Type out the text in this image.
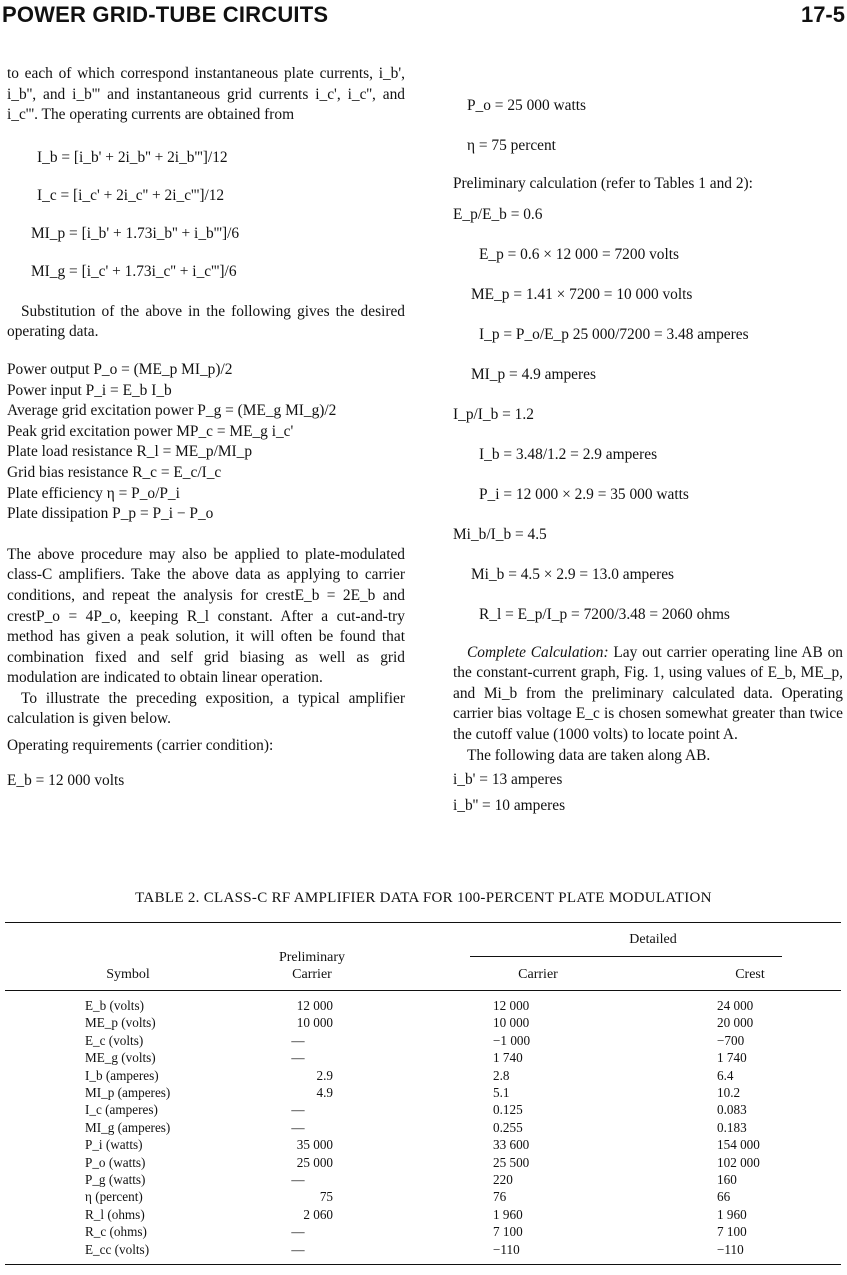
POWER GRID-TUBE CIRCUITS	17-5

to each of which correspond instantaneous plate currents, i_b', i_b'', and i_b''' and instantaneous grid currents i_c', i_c'', and i_c'''. The operating currents are obtained from

I_b = [i_b' + 2i_b'' + 2i_b''']/12
I_c = [i_c' + 2i_c'' + 2i_c''']/12
MI_p = [i_b' + 1.73i_b'' + i_b''']/6
MI_g = [i_c' + 1.73i_c'' + i_c''']/6

Substitution of the above in the following gives the desired operating data.

Power output P_o = (ME_p MI_p)/2
Power input P_i = E_b I_b
Average grid excitation power P_g = (ME_g MI_g)/2
Peak grid excitation power MP_c = ME_g i_c'
Plate load resistance R_l = ME_p/MI_p
Grid bias resistance R_c = E_c/I_c
Plate efficiency η = P_o/P_i
Plate dissipation P_p = P_i − P_o

The above procedure may also be applied to plate-modulated class-C amplifiers. Take the above data as applying to carrier conditions, and repeat the analysis for crestE_b = 2E_b and crestP_o = 4P_o, keeping R_l constant. After a cut-and-try method has given a peak solution, it will often be found that combination fixed and self grid biasing as well as grid modulation are indicated to obtain linear operation.

To illustrate the preceding exposition, a typical amplifier calculation is given below.

Operating requirements (carrier condition):

E_b = 12 000 volts

P_o = 25 000 watts
η = 75 percent

Preliminary calculation (refer to Tables 1 and 2):

E_p/E_b = 0.6
E_p = 0.6 × 12 000 = 7200 volts
ME_p = 1.41 × 7200 = 10 000 volts
I_p = P_o/E_p 25 000/7200 = 3.48 amperes
MI_p = 4.9 amperes
I_p/I_b = 1.2
I_b = 3.48/1.2 = 2.9 amperes
P_i = 12 000 × 2.9 = 35 000 watts
Mi_b/I_b = 4.5
Mi_b = 4.5 × 2.9 = 13.0 amperes
R_l = E_p/I_p = 7200/3.48 = 2060 ohms

Complete Calculation: Lay out carrier operating line AB on the constant-current graph, Fig. 1, using values of E_b, ME_p, and Mi_b from the preliminary calculated data. Operating carrier bias voltage E_c is chosen somewhat greater than twice the cutoff value (1000 volts) to locate point A.

The following data are taken along AB.

i_b' = 13 amperes
i_b'' = 10 amperes
TABLE 2. CLASS-C RF AMPLIFIER DATA FOR 100-PERCENT PLATE MODULATION
Detailed
Preliminary
Carrier
Symbol	Carrier	Crest
E_b (volts)	12 000	12 000	24 000
ME_p (volts)	10 000	10 000	20 000
E_c (volts)	—	−1 000	−700
ME_g (volts)	—	1 740	1 740
I_b (amperes)	2.9	2.8	6.4
MI_p (amperes)	4.9	5.1	10.2
I_c (amperes)	—	0.125	0.083
MI_g (amperes)	—	0.255	0.183
P_i (watts)	35 000	33 600	154 000
P_o (watts)	25 000	25 500	102 000
P_g (watts)	—	220	160
η (percent)	75	76	66
R_l (ohms)	2 060	1 960	1 960
R_c (ohms)	—	7 100	7 100
E_cc (volts)	—	−110	−110
